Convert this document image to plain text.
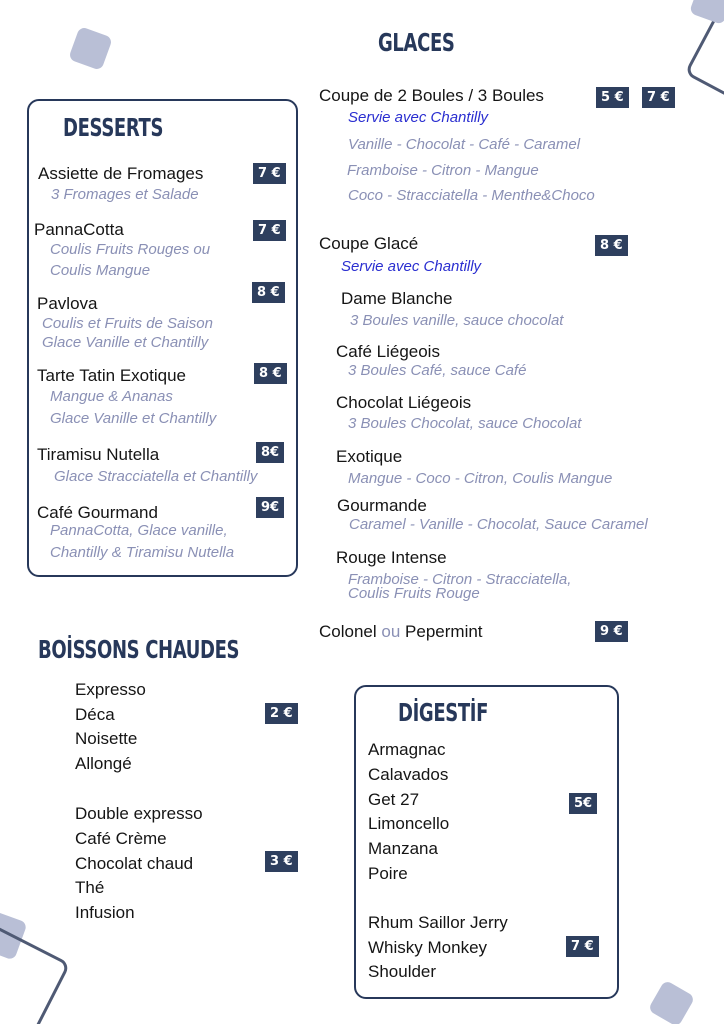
GLACES
Coupe de 2 Boules / 3 Boules	5 €	7 €
Servie avec Chantilly
Vanille - Chocolat - Café - Caramel
Framboise - Citron - Mangue
Coco - Stracciatella - Menthe&Choco
Coupe Glacé	8 €
Servie avec Chantilly
Dame Blanche
3 Boules vanille, sauce chocolat
Café Liégeois
3 Boules Café, sauce Café
Chocolat Liégeois
3 Boules Chocolat, sauce Chocolat
Exotique
Mangue - Coco - Citron, Coulis Mangue
Gourmande
Caramel - Vanille - Chocolat, Sauce Caramel
Rouge Intense
Framboise - Citron - Stracciatella,
Coulis Fruits Rouge
Colonel ou Pepermint	9 €
DESSERTS
Assiette de Fromages	7 €
3 Fromages et Salade
PannaCotta	7 €
Coulis Fruits Rouges ou
Coulis Mangue
Pavlova
8 €
Coulis et Fruits de Saison
Glace Vanille et Chantilly
Tarte Tatin Exotique	8 €
Mangue & Ananas
Glace Vanille et Chantilly
Tiramisu Nutella	8€
Glace Stracciatella et Chantilly
Café Gourmand	9€
PannaCotta, Glace vanille,
Chantilly & Tiramisu Nutella
BOİSSONS CHAUDES
Expresso
Déca
Noisette
Allongé
2 €
Double expresso
Café Crème
Chocolat chaud
Thé
Infusion
3 €
DİGESTİF
Armagnac
Calavados
Get 27
Limoncello
Manzana
Poire
5€
Rhum Saillor Jerry
Whisky Monkey
Shoulder
7 €
